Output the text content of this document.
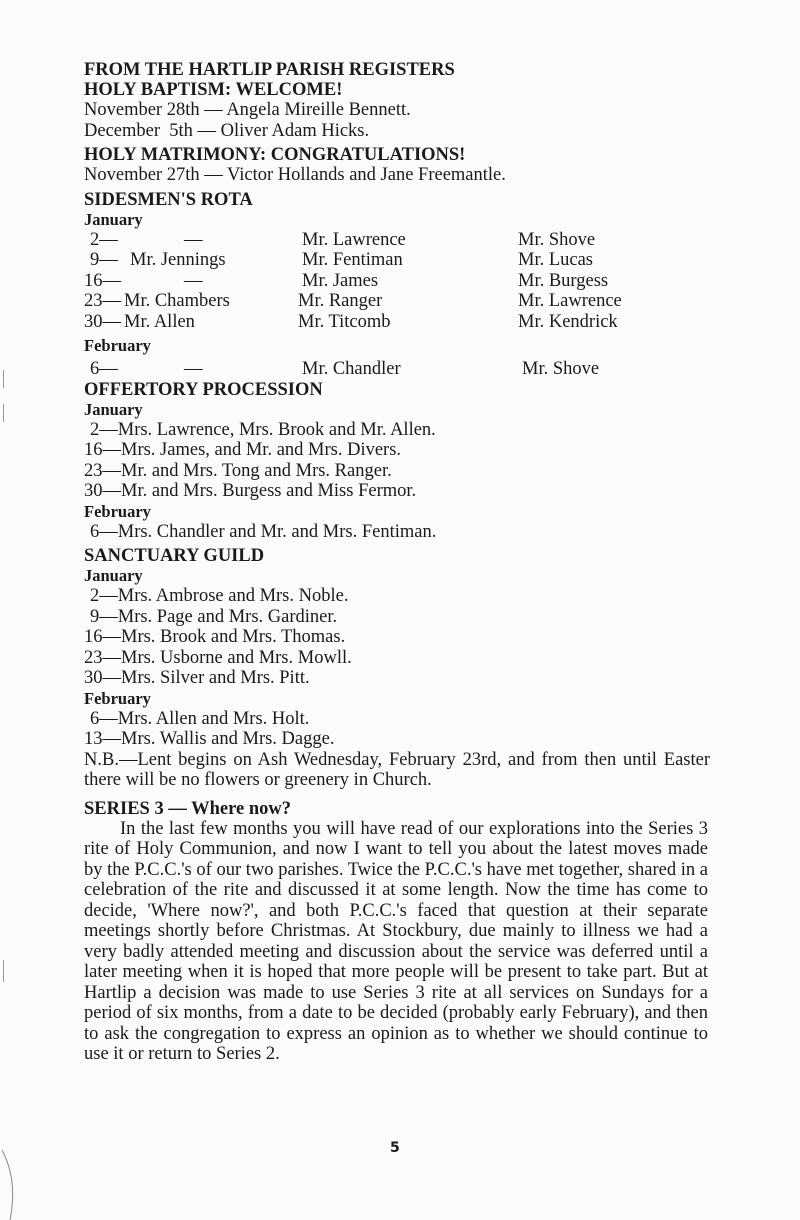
FROM THE HARTLIP PARISH REGISTERS

HOLY BAPTISM: WELCOME!

November 28th — Angela Mireille Bennett.

December  5th — Oliver Adam Hicks.

HOLY MATRIMONY: CONGRATULATIONS!

November 27th — Victor Hollands and Jane Freemantle.

SIDESMEN'S ROTA

January

2—	—	Mr. Lawrence	Mr. Shove
9— Mr. Jennings	Mr. Fentiman	Mr. Lucas
16—	—	Mr. James	Mr. Burgess
23— Mr. Chambers	Mr. Ranger	Mr. Lawrence
30— Mr. Allen	Mr. Titcomb	Mr. Kendrick

February

6—	—	Mr. Chandler	Mr. Shove

OFFERTORY PROCESSION

January

2—Mrs. Lawrence, Mrs. Brook and Mr. Allen.

16—Mrs. James, and Mr. and Mrs. Divers.

23—Mr. and Mrs. Tong and Mrs. Ranger.

30—Mr. and Mrs. Burgess and Miss Fermor.

February

6—Mrs. Chandler and Mr. and Mrs. Fentiman.

SANCTUARY GUILD

January

2—Mrs. Ambrose and Mrs. Noble.

9—Mrs. Page and Mrs. Gardiner.

16—Mrs. Brook and Mrs. Thomas.

23—Mrs. Usborne and Mrs. Mowll.

30—Mrs. Silver and Mrs. Pitt.

February

6—Mrs. Allen and Mrs. Holt.

13—Mrs. Wallis and Mrs. Dagge.

N.B.—Lent begins on Ash Wednesday, February 23rd, and from then until Easter there will be no flowers or greenery in Church.

SERIES 3 — Where now?

In the last few months you will have read of our explorations into the Series 3 rite of Holy Communion, and now I want to tell you about the latest moves made by the P.C.C.'s of our two parishes. Twice the P.C.C.'s have met together, shared in a celebration of the rite and discussed it at some length. Now the time has come to decide, 'Where now?', and both P.C.C.'s faced that question at their separate meetings shortly before Christmas. At Stockbury, due mainly to illness we had a very badly attended meeting and discussion about the service was deferred until a later meeting when it is hoped that more people will be present to take part. But at Hartlip a decision was made to use Series 3 rite at all services on Sundays for a period of six months, from a date to be decided (probably early February), and then to ask the congregation to express an opinion as to whether we should continue to use it or return to Series 2.

5
